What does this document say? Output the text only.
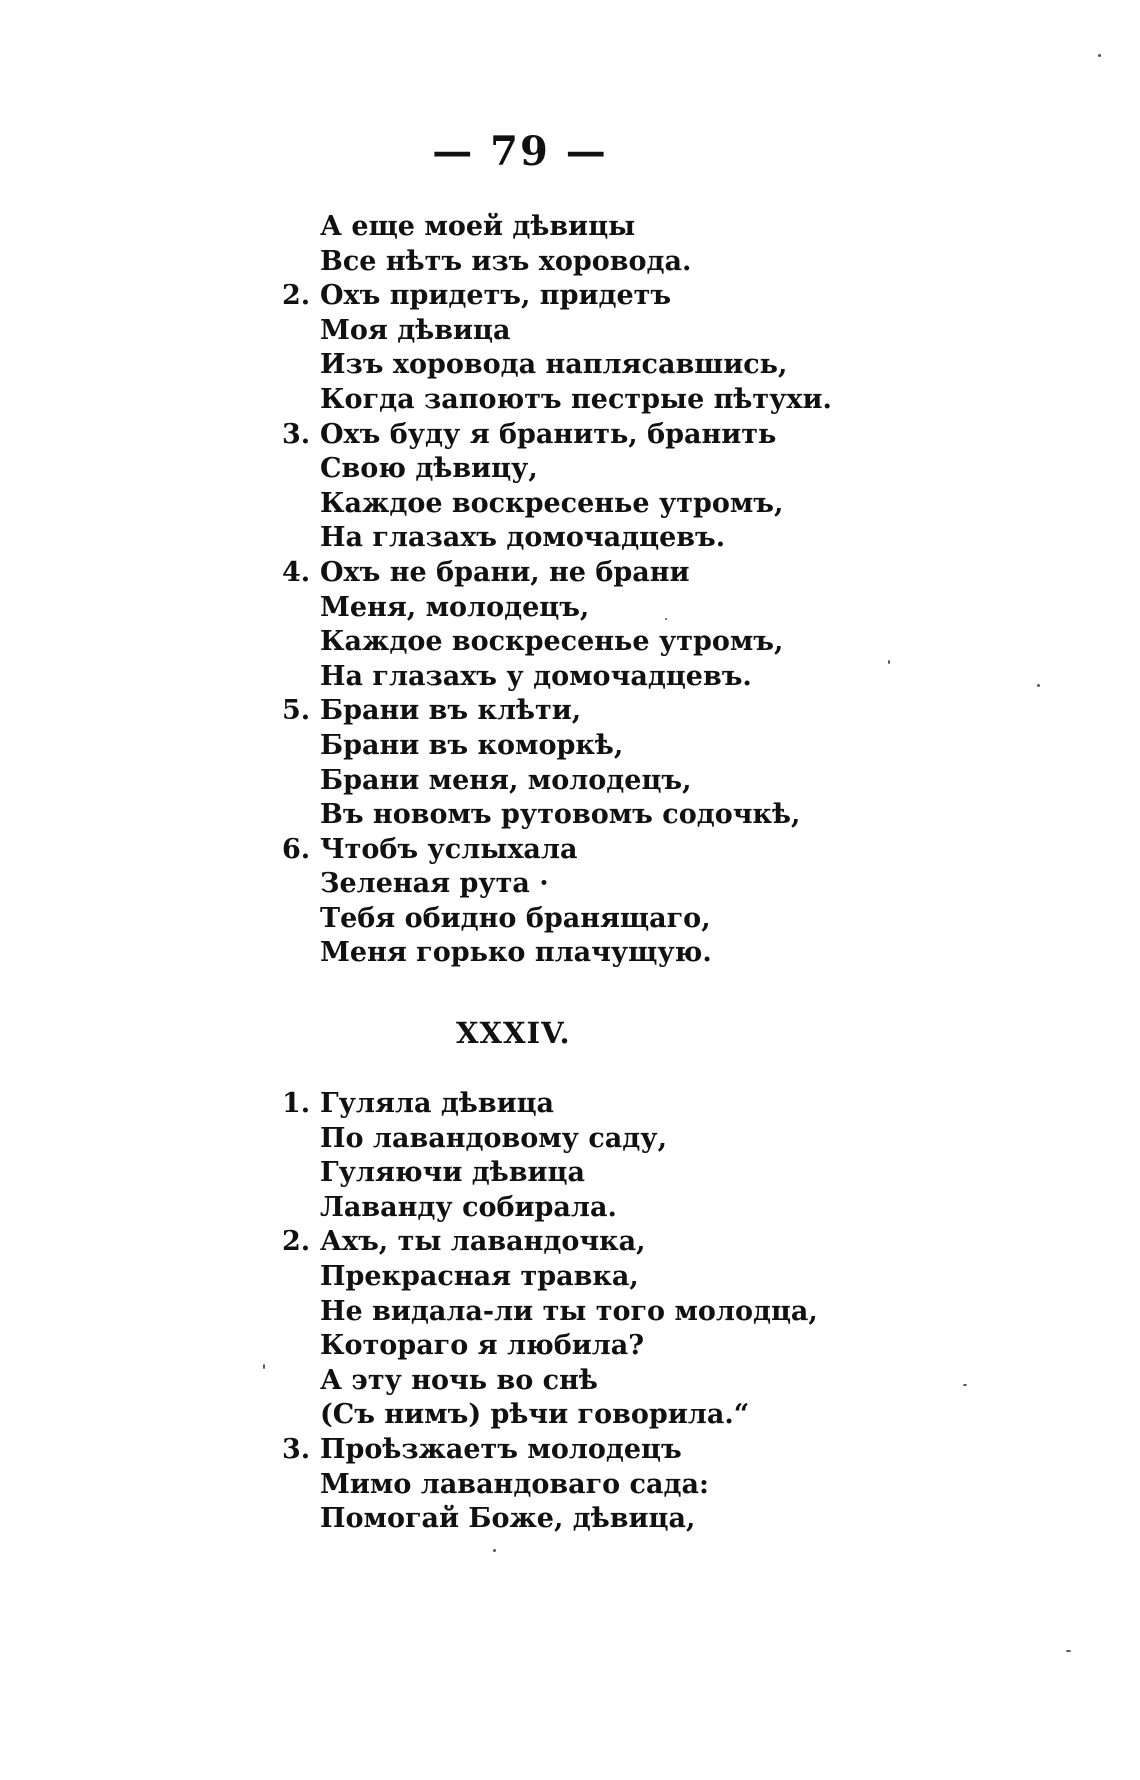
— 79 —
А еще моей дѣвицы
Все нѣтъ изъ хоровода.
2. Охъ придетъ, придетъ
Моя дѣвица
Изъ хоровода наплясавшись,
Когда запоютъ пестрые пѣтухи.
3. Охъ буду я бранить, бранить
Свою дѣвицу,
Каждое воскресенье утромъ,
На глазахъ домочадцевъ.
4. Охъ не брани, не брани
Меня, молодецъ,
Каждое воскресенье утромъ,
На глазахъ у домочадцевъ.
5. Брани въ клѣти,
Брани въ коморкѣ,
Брани меня, молодецъ,
Въ новомъ рутовомъ содочкѣ,
6. Чтобъ услыхала
Зеленая рута ·
Тебя обидно бранящаго,
Меня горько плачущую.
XXXIV.
1. Гуляла дѣвица
По лавандовому саду,
Гуляючи дѣвица
Лаванду собирала.
2. Ахъ, ты лавандочка,
Прекрасная травка,
Не видала-ли ты того молодца,
Котораго я любила?
А эту ночь во снѣ
(Съ нимъ) рѣчи говорила.“
3. Проѣзжаетъ молодецъ
Мимо лавандоваго сада:
Помогай Боже, дѣвица,
